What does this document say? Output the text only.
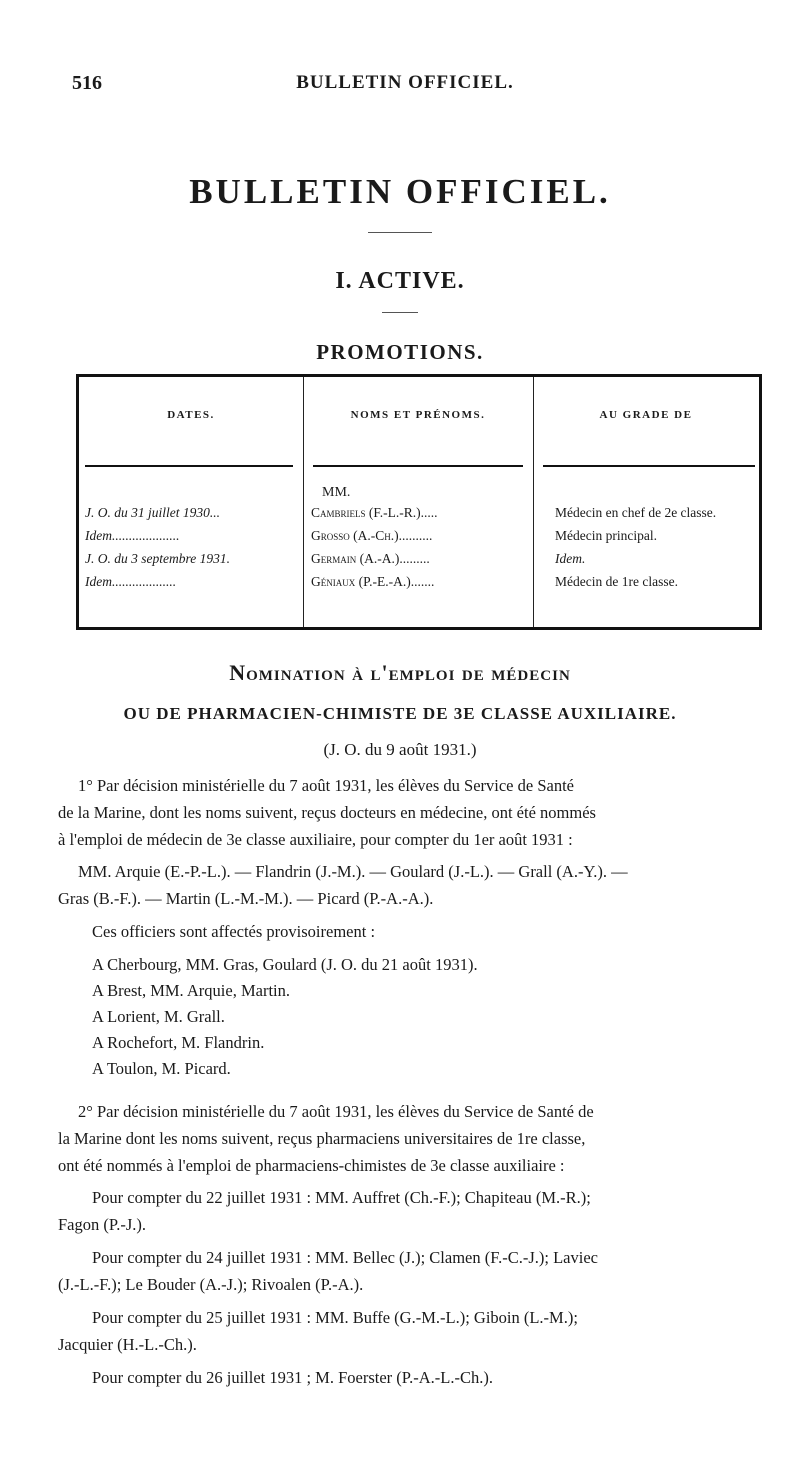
516	BULLETIN OFFICIEL.
BULLETIN OFFICIEL.
I. ACTIVE.
PROMOTIONS.
DATES.	NOMS ET PRÉNOMS.	AU GRADE DE
MM.
J. O. du 31 juillet 1930...	Cambriels (F.-L.-R.).....	Médecin en chef de 2e classe.
Idem....................	Grosso (A.-Ch.)..........	Médecin principal.
J. O. du 3 septembre 1931.	Germain (A.-A.).........	Idem.
Idem...................	Géniaux (P.-E.-A.).......	Médecin de 1re classe.
Nomination à l'emploi de médecin
OU DE PHARMACIEN-CHIMISTE DE 3E CLASSE AUXILIAIRE.
(J. O. du 9 août 1931.)
1° Par décision ministérielle du 7 août 1931, les élèves du Service de Santé
de la Marine, dont les noms suivent, reçus docteurs en médecine, ont été nommés
à l'emploi de médecin de 3e classe auxiliaire, pour compter du 1er août 1931 :
MM. Arquie (E.-P.-L.). — Flandrin (J.-M.). — Goulard (J.-L.). — Grall (A.-Y.). —
Gras (B.-F.). — Martin (L.-M.-M.). — Picard (P.-A.-A.).
Ces officiers sont affectés provisoirement :
A Cherbourg, MM. Gras, Goulard (J. O. du 21 août 1931).
A Brest, MM. Arquie, Martin.
A Lorient, M. Grall.
A Rochefort, M. Flandrin.
A Toulon, M. Picard.
2° Par décision ministérielle du 7 août 1931, les élèves du Service de Santé de
la Marine dont les noms suivent, reçus pharmaciens universitaires de 1re classe,
ont été nommés à l'emploi de pharmaciens-chimistes de 3e classe auxiliaire :
Pour compter du 22 juillet 1931 : MM. Auffret (Ch.-F.); Chapiteau (M.-R.);
Fagon (P.-J.).
Pour compter du 24 juillet 1931 : MM. Bellec (J.); Clamen (F.-C.-J.); Laviec
(J.-L.-F.); Le Bouder (A.-J.); Rivoalen (P.-A.).
Pour compter du 25 juillet 1931 : MM. Buffe (G.-M.-L.); Giboin (L.-M.);
Jacquier (H.-L.-Ch.).
Pour compter du 26 juillet 1931 ; M. Foerster (P.-A.-L.-Ch.).
